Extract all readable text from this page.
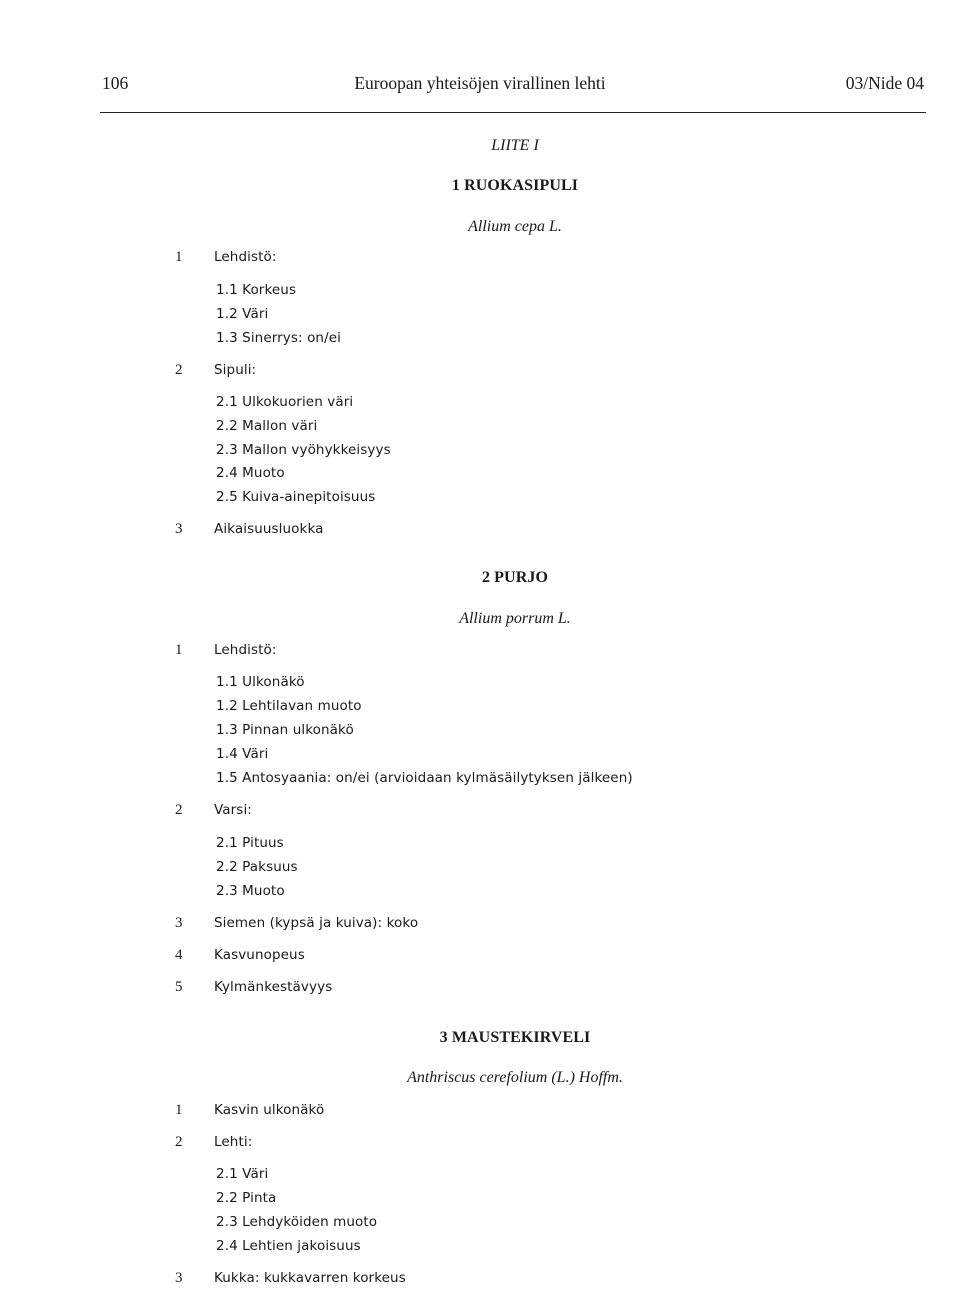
106	Euroopan yhteisöjen virallinen lehti	03/Nide 04
LIITE I
1 RUOKASIPULI
Allium cepa L.
1 Lehdistö:
1.1 Korkeus
1.2 Väri
1.3 Sinerrys: on/ei
2 Sipuli:
2.1 Ulkokuorien väri
2.2 Mallon väri
2.3 Mallon vyöhykkeisyys
2.4 Muoto
2.5 Kuiva-ainepitoisuus
3 Aikaisuusluokka
2 PURJO
Allium porrum L.
1 Lehdistö:
1.1 Ulkonäkö
1.2 Lehtilavan muoto
1.3 Pinnan ulkonäkö
1.4 Väri
1.5 Antosyaania: on/ei (arvioidaan kylmäsäilytyksen jälkeen)
2 Varsi:
2.1 Pituus
2.2 Paksuus
2.3 Muoto
3 Siemen (kypsä ja kuiva): koko
4 Kasvunopeus
5 Kylmänkestävyys
3 MAUSTEKIRVELI
Anthriscus cerefolium (L.) Hoffm.
1 Kasvin ulkonäkö
2 Lehti:
2.1 Väri
2.2 Pinta
2.3 Lehdyköiden muoto
2.4 Lehtien jakoisuus
3 Kukka: kukkavarren korkeus
